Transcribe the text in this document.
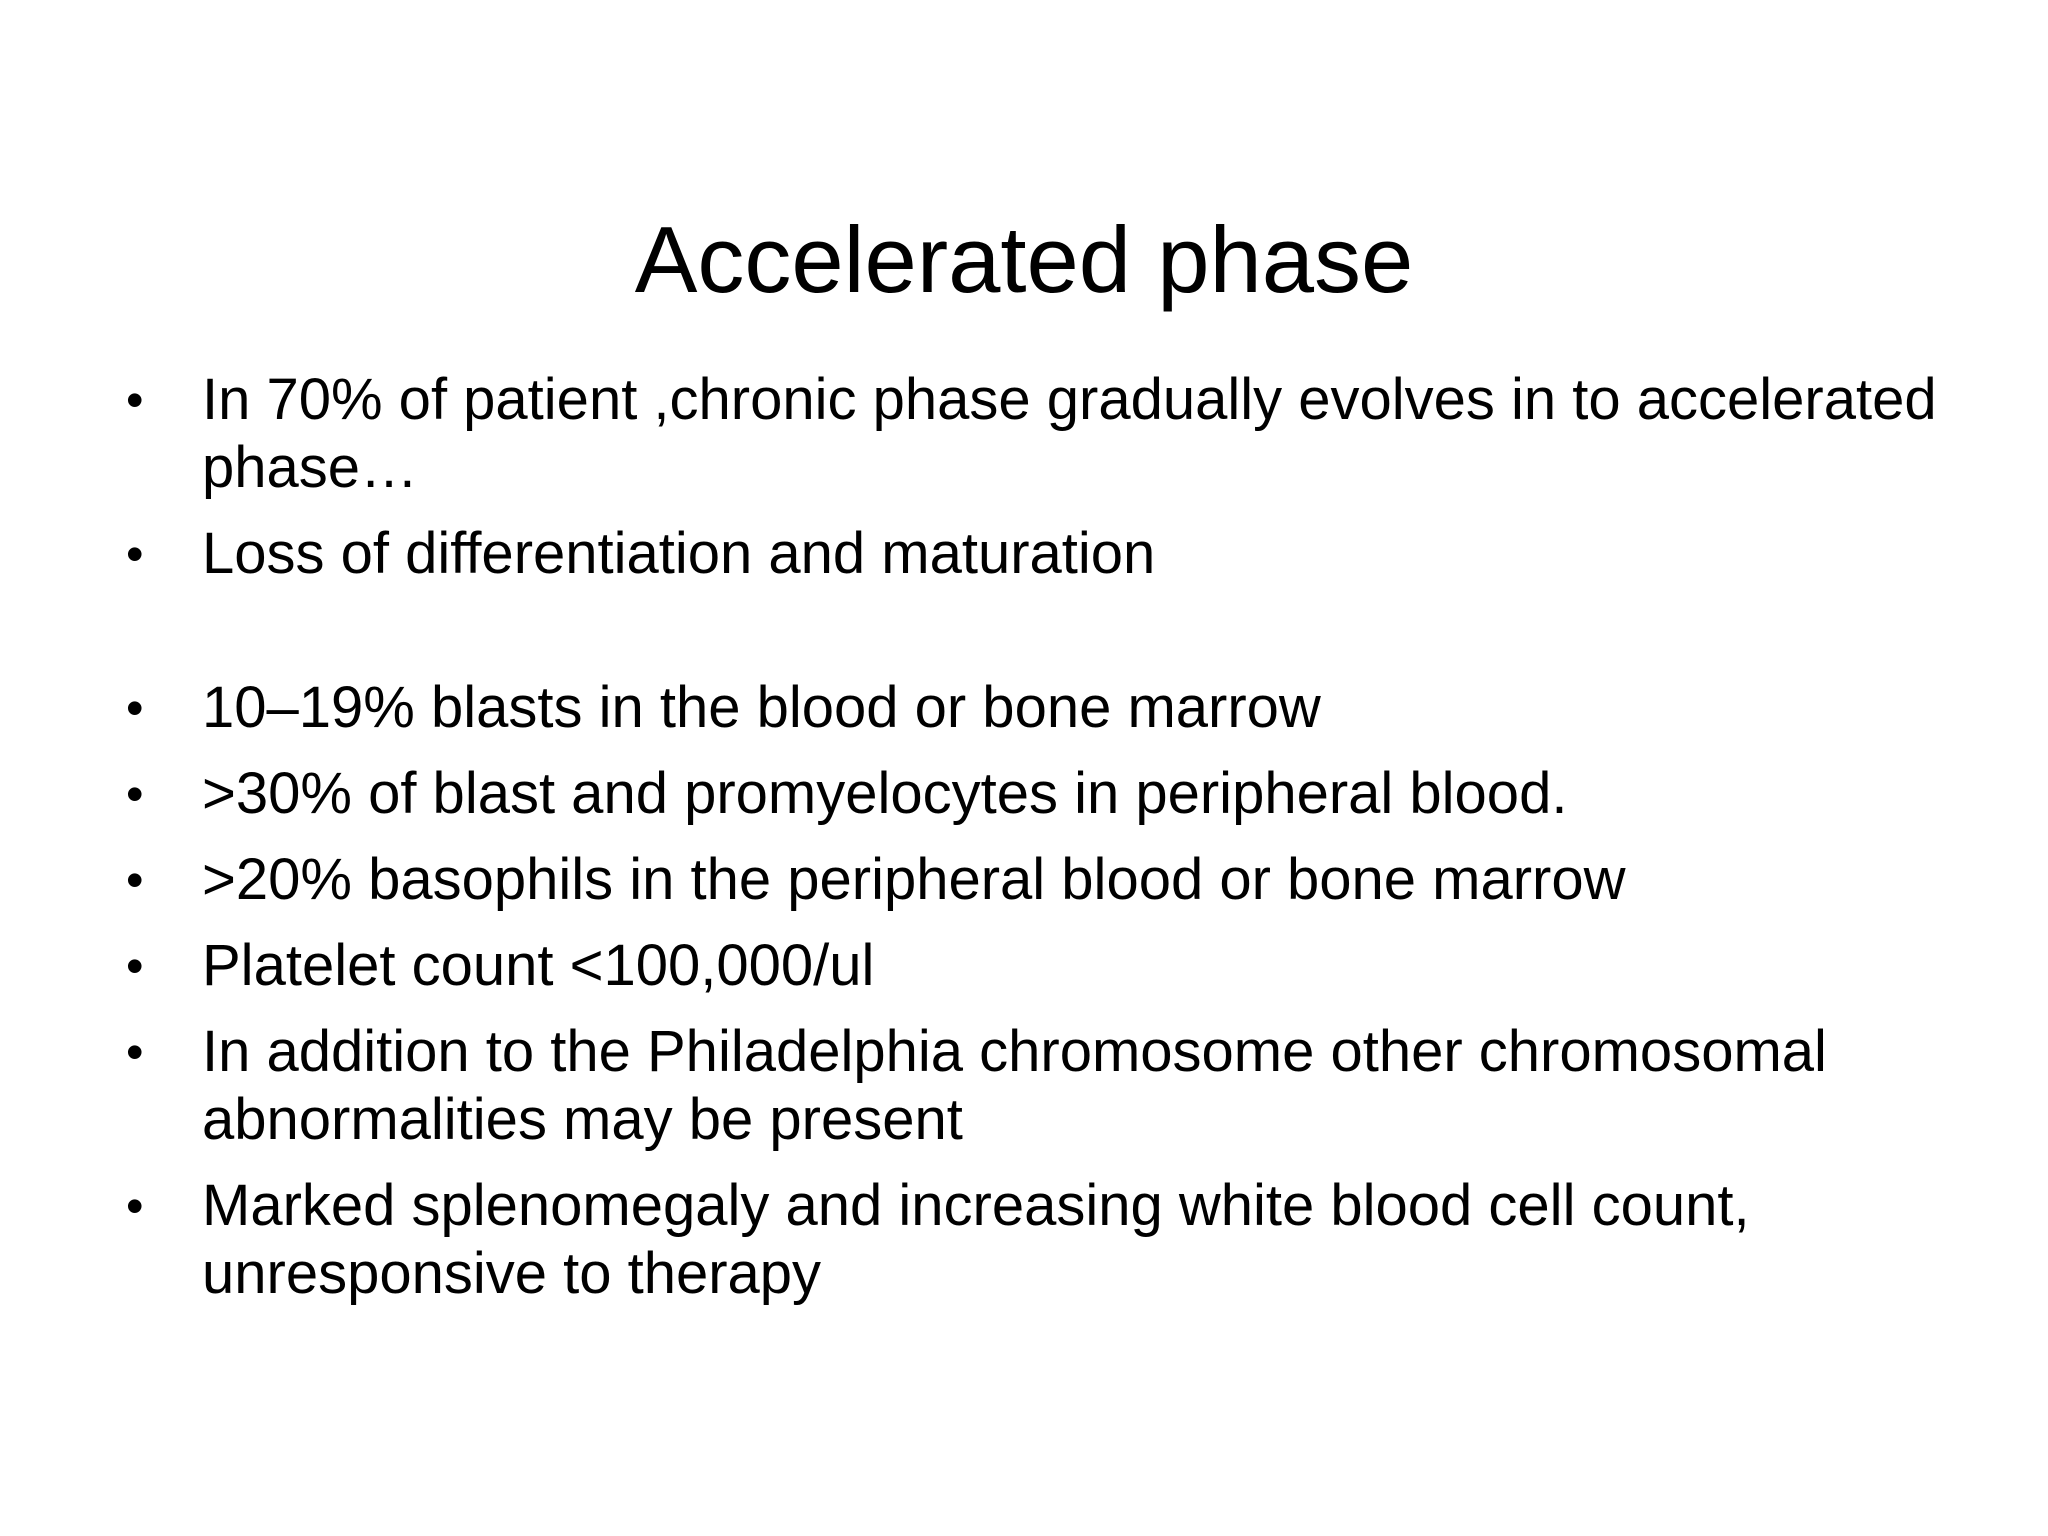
Accelerated phase
• In 70% of patient ,chronic phase gradually evolves in to accelerated phase…
• Loss of differentiation and maturation
• 10–19% blasts in the blood or bone marrow
• >30% of blast and promyelocytes in peripheral blood.
• >20% basophils in the peripheral blood or bone marrow
• Platelet count <100,000/ul
• In addition to the Philadelphia chromosome other chromosomal abnormalities may be present
• Marked splenomegaly and increasing white blood cell count, unresponsive to therapy
